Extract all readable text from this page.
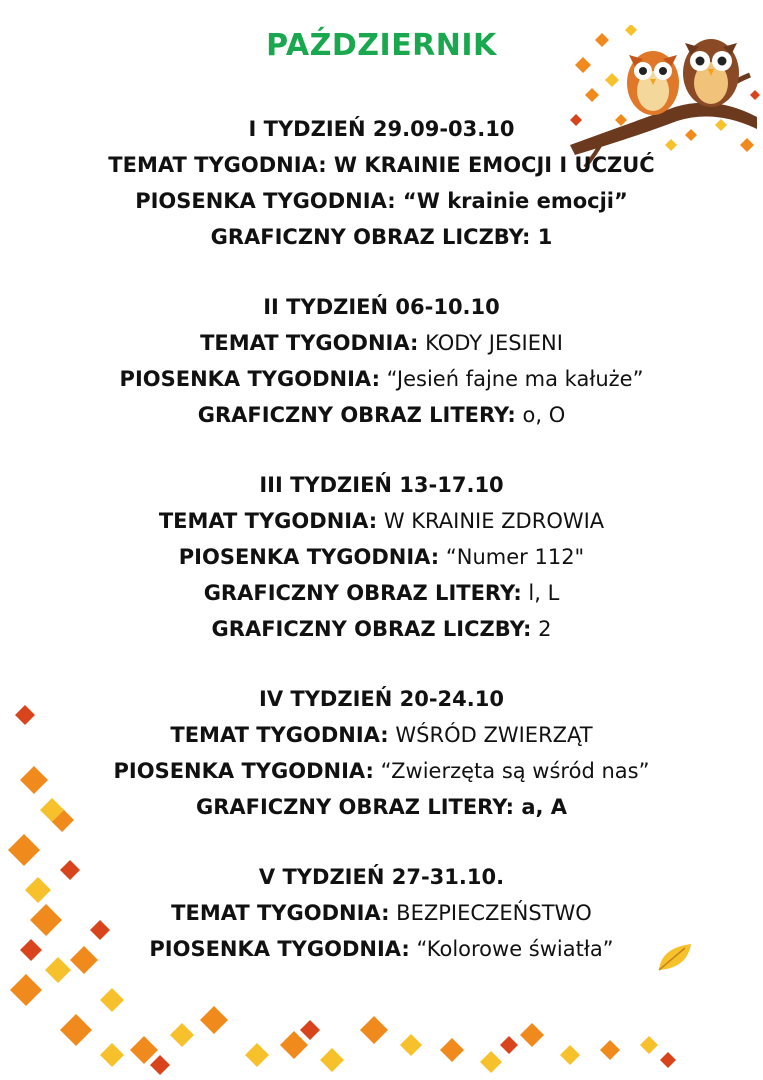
PAŹDZIERNIK
I TYDZIEŃ 29.09-03.10
TEMAT TYGODNIA: W KRAINIE EMOCJI I UCZUĆ
PIOSENKA TYGODNIA: “W krainie emocji”
GRAFICZNY OBRAZ LICZBY: 1
II TYDZIEŃ 06-10.10
TEMAT TYGODNIA: KODY JESIENI
PIOSENKA TYGODNIA: “Jesień fajne ma kałuże”
GRAFICZNY OBRAZ LITERY: o, O
III TYDZIEŃ 13-17.10
TEMAT TYGODNIA: W KRAINIE ZDROWIA
PIOSENKA TYGODNIA: “Numer 112"
GRAFICZNY OBRAZ LITERY: l, L
GRAFICZNY OBRAZ LICZBY: 2
IV TYDZIEŃ 20-24.10
TEMAT TYGODNIA: WŚRÓD ZWIERZĄT
PIOSENKA TYGODNIA: “Zwierzęta są wśród nas”
GRAFICZNY OBRAZ LITERY: a, A
V TYDZIEŃ 27-31.10.
TEMAT TYGODNIA: BEZPIECZEŃSTWO
PIOSENKA TYGODNIA: “Kolorowe światła”
